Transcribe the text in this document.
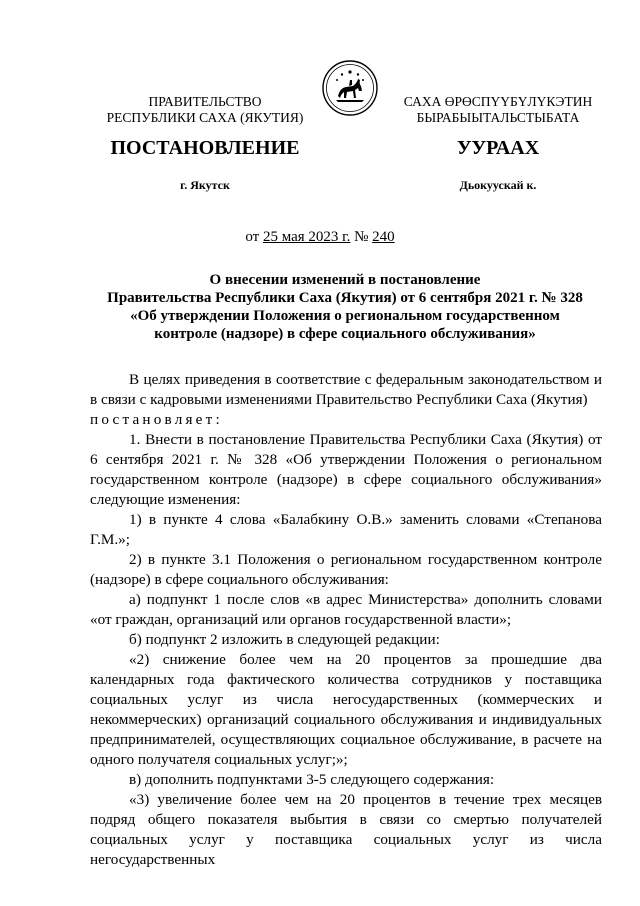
ПРАВИТЕЛЬСТВО
РЕСПУБЛИКИ САХА (ЯКУТИЯ)
САХА ӨРӨСПҮҮБҮЛҮКЭТИН
БЫРАБЫЫТАЛЬСТЫБАТА
ПОСТАНОВЛЕНИЕ	УУРААХ
г. Якутск	Дьокуускай к.
от 25 мая 2023 г. № 240
О внесении изменений в постановление
Правительства Республики Саха (Якутия) от 6 сентября 2021 г. № 328
«Об утверждении Положения о региональном государственном
контроле (надзоре) в сфере социального обслуживания»

В целях приведения в соответствие с федеральным законодательством и в связи с кадровыми изменениями Правительство Республики Саха (Якутия)

постановляет:

1. Внести в постановление Правительства Республики Саха (Якутия) от 6 сентября 2021 г. № 328 «Об утверждении Положения о региональном государственном контроле (надзоре) в сфере социального обслуживания» следующие изменения:

1) в пункте 4 слова «Балабкину О.В.» заменить словами «Степанова Г.М.»;

2) в пункте 3.1 Положения о региональном государственном контроле (надзоре) в сфере социального обслуживания:

а) подпункт 1 после слов «в адрес Министерства» дополнить словами «от граждан, организаций или органов государственной власти»;

б) подпункт 2 изложить в следующей редакции:

«2) снижение более чем на 20 процентов за прошедшие два календарных года фактического количества сотрудников у поставщика социальных услуг из числа негосударственных (коммерческих и некоммерческих) организаций социального обслуживания и индивидуальных предпринимателей, осуществляющих социальное обслуживание, в расчете на одного получателя социальных услуг;»;

в) дополнить подпунктами 3-5 следующего содержания:

«3) увеличение более чем на 20 процентов в течение трех месяцев подряд общего показателя выбытия в связи со смертью получателей социальных услуг у поставщика социальных услуг из числа негосударственных
